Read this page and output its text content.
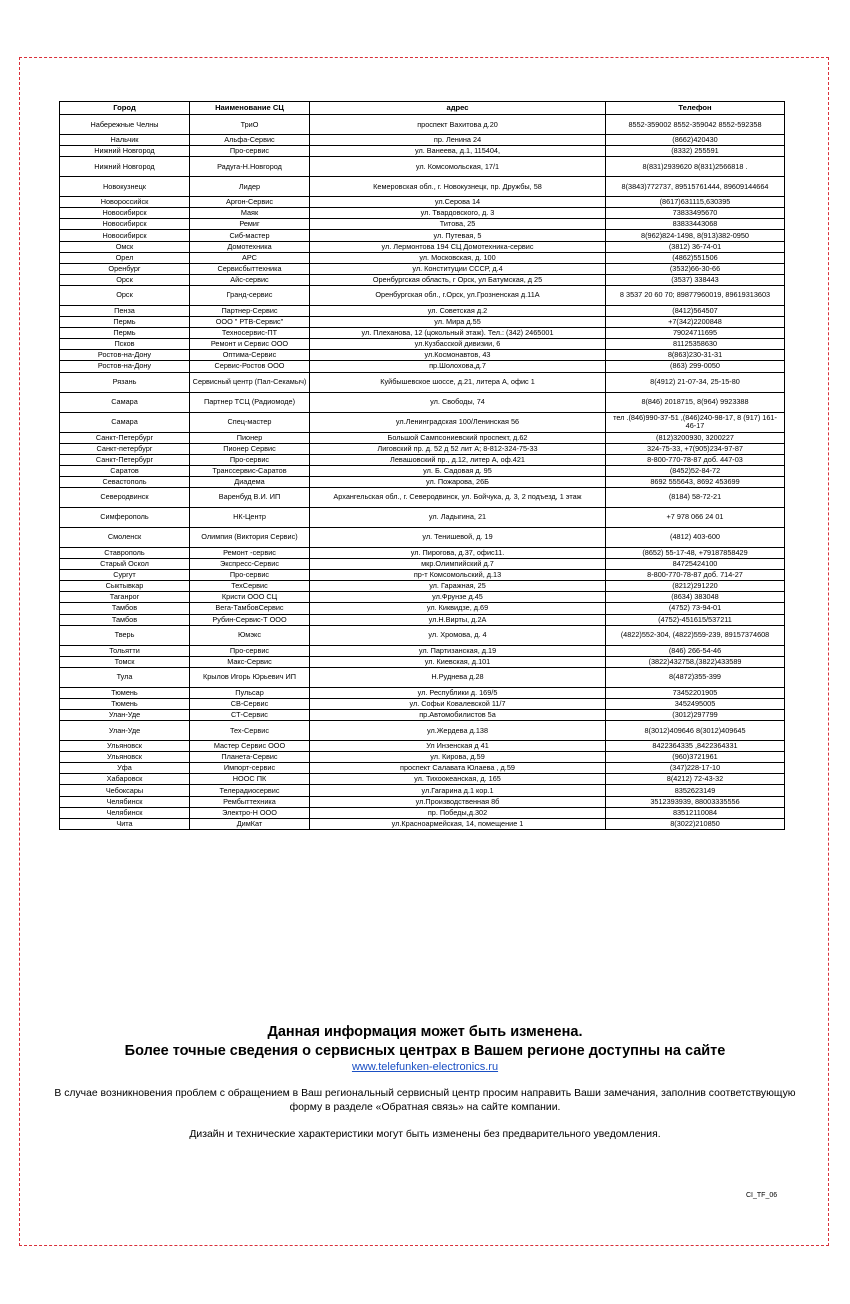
Город	Наименование СЦ	адрес	Телефон
Набережные Челны	ТриО	проспект Вахитова д.20	8552-359002 8552-359042 8552-592358
Нальчик	Альфа-Сервис	пр. Ленина 24	(8662)420430
Нижний Новгород	Про-сервис	ул. Ванеева, д.1, 115404,	(8332) 255591
Нижний Новгород	Радуга-Н.Новгород	ул. Комсомольская, 17/1	8(831)2939620 8(831)2566818 .
Новокузнецк	Лидер	Кемеровская обл., г. Новокузнецк, пр. Дружбы, 58	8(3843)772737, 89515761444, 89609144664
Новороссийск	Аргон-Сервис	ул.Серова 14	(8617)631115,630395
Новосибирск	Маяк	ул. Твардовского, д. 3	73833495670
Новосибирск	Ремиг	Титова, 25	83833443068
Новосибирск	Сиб-мастер	ул. Путевая, 5	8(962)824-1498, 8(913)382-0950
Омск	Домотехника	ул. Лермонтова 194 СЦ Домотехника-сервис	(3812) 36-74-01
Орел	АРС	ул. Московская, д. 100	(4862)551506
Оренбург	Сервисбыттехника	ул. Конституции СССР, д.4	(3532)66-30-66
Орск	Айс-сервис	Оренбургская область, г Орск, ул Батумская, д 25	(3537) 338443
Орск	Гранд-сервис	Оренбургская обл., г.Орск, ул.Грозненская д.11А	8 3537 20 60 70; 89877960019, 89619313603
Пенза	Партнер-Сервис	ул. Советская д.2	(8412)564507
Пермь	ООО " РТВ-Сервис"	ул. Мира д.55	+7(342)2200848
Пермь	Техносервис-ПТ	ул. Плеханова, 12 (цокольный этаж). Тел.: (342) 2465001	79024711695
Псков	Ремонт и Сервис ООО	ул.Кузбасской дивизии, 6	81125358630
Ростов-на-Дону	Оптима-Сервис	ул.Космонавтов, 43	8(863)230-31-31
Ростов-на-Дону	Сервис-Ростов ООО	пр.Шолохова,д.7	(863) 299-0050
Рязань	Сервисный центр (Пал-Секамыч)	Куйбышевское шоссе, д.21, литера А, офис 1	8(4912) 21-07-34, 25-15-80
Самара	Партнер ТСЦ (Радиомоде)	ул. Свободы, 74	8(846) 2018715, 8(964) 9923388
Самара	Спец-мастер	ул.Ленинградская 100/Ленинская 56	тел .(846)990-37-51 ,(846)240-98-17, 8 (917) 161-46-17
Санкт-Петербург	Пионер	Большой Сампсониевский проспект, д.62	(812)3200930, 3200227
Санкт-петербург	Пионер Сервис	Лиговский пр. д. 52 д 52 лит А; 8-812-324-75-33	324-75-33, +7(905)234-97-87
Санкт-Петербург	Про-сервис	Левашовский пр., д.12, литер А, оф.421	8-800-770-78-87 доб. 447-03
Саратов	Транссервис-Саратов	ул. Б. Садовая д. 95	(8452)52-84-72
Севастополь	Диадема	ул. Пожарова, 26Б	8692 555643, 8692 453699
Северодвинск	Варенбуд В.И. ИП	Архангельская обл., г. Северодвинск, ул. Бойчука, д. 3, 2 подъезд, 1 этаж	(8184) 58-72-21
Симферополь	НК-Центр	ул. Ладыгина, 21	+7 978 066 24 01
Смоленск	Олимпия (Виктория Сервис)	ул. Тенишевой, д. 19	(4812) 403-600
Ставрополь	Ремонт -сервис	ул. Пирогова, д.37, офис11.	(8652) 55-17-48, +79187858429
Старый Оскол	Экспресс-Сервис	мкр.Олимпийский д.7	84725424100
Сургут	Про-сервис	пр-т Комсомольский, д.13	8-800-770-78-87 доб. 714-27
Сыктывкар	ТехСервис	ул. Гаражная, 25	(8212)291220
Таганрог	Кристи ООО СЦ	ул.Фрунзе д.45	(8634) 383048
Тамбов	Вега-ТамбовСервис	ул. Киквидзе, д.69	(4752) 73-94-01
Тамбов	Рубин-Сервис-Т ООО	ул.Н.Вирты, д.2А	(4752)-451615/537211
Тверь	Юмэкс	ул. Хромова, д. 4	(4822)552-304, (4822)559-239, 89157374608
Тольятти	Про-сервис	ул. Партизанская, д.19	(846) 266-54-46
Томск	Макс-Сервис	ул. Киевская, д.101	(3822)432758,(3822)433589
Тула	Крылов Игорь Юрьевич ИП	Н.Руднева д.28	8(4872)355-399
Тюмень	Пульсар	ул. Республики д. 169/5	73452201905
Тюмень	СВ-Сервис	ул. Софьи Ковалевской 11/7	3452495005
Улан-Уде	СТ-Сервис	пр.Автомобилистов 5а	(3012)297799
Улан-Уде	Тех-Сервис	ул.Жердева д.138	8(3012)409646 8(3012)409645
Ульяновск	Мастер Сервис ООО	Ул Инзенская д 41	8422364335 ,8422364331
Ульяновск	Планета-Сервис	ул. Кирова, д.59	(960)3721961
Уфа	Импорт-сервис	проспект Салавата Юлаева , д.59	(347)228-17-10
Хабаровск	НООС ПК	ул. Тихоокеанская, д. 165	8(4212) 72-43-32
Чебоксары	Телерадиосервис	ул.Гагарина д.1 кор.1	8352623149
Челябинск	Рембыттехника	ул.Производственная 8б	3512393939, 88003335556
Челябинск	Электро-Н ООО	пр. Победы,д.302	83512110084
Чита	ДимКат	ул.Красноармейская, 14, помещение 1	8(3022)210850
Данная информация может быть изменена.
Более точные сведения о сервисных центрах в Вашем регионе доступны на сайте
www.telefunken-electronics.ru
В случае возникновения проблем с обращением в Ваш региональный сервисный центр просим направить Ваши замечания, заполнив соответствующую форму в разделе «Обратная связь» на сайте компании.
Дизайн и технические характеристики могут быть изменены без предварительного уведомления.
CI_TF_06
